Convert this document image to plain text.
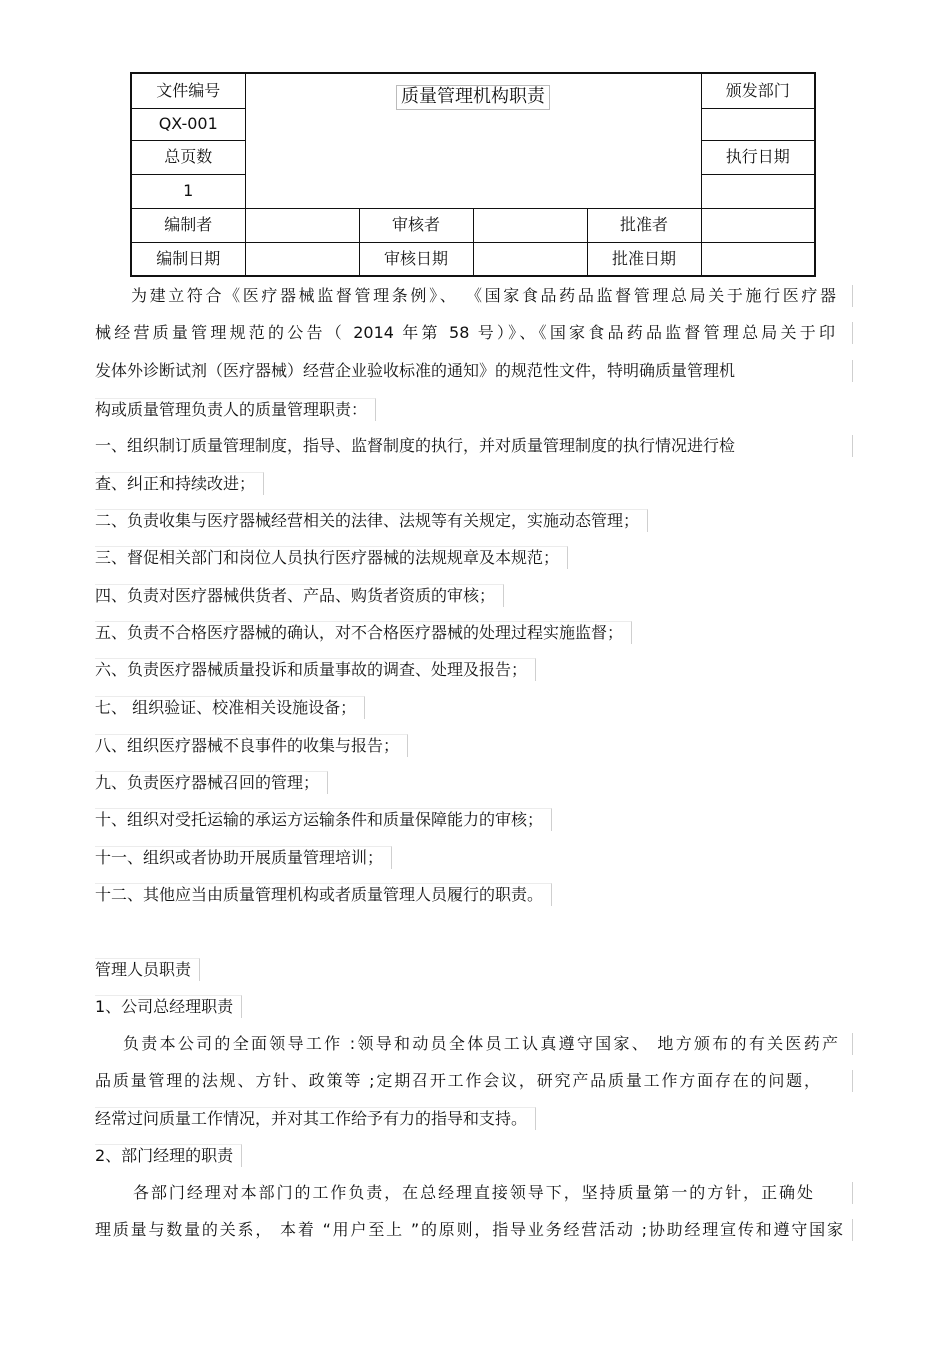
文件编号	质量管理机构职责				颁发部门
QX-001					
总页数					执行日期
1					
编制者		审核者		批准者	
编制日期		审核日期		批准日期	
为建立符合《医疗器械监督管理条例》、 《国家食品药品监督管理总局关于施行医疗器
械经营质量管理规范的公告（ 2014 年第 58 号）》、《国家食品药品监督管理总局关于印
发体外诊断试剂（医疗器械）经营企业验收标准的通知》的规范性文件，特明确质量管理机
构或质量管理负责人的质量管理职责：
一、组织制订质量管理制度，指导、监督制度的执行，并对质量管理制度的执行情况进行检
查、纠正和持续改进；
二、负责收集与医疗器械经营相关的法律、法规等有关规定，实施动态管理；
三、督促相关部门和岗位人员执行医疗器械的法规规章及本规范；
四、负责对医疗器械供货者、产品、购货者资质的审核；
五、负责不合格医疗器械的确认，对不合格医疗器械的处理过程实施监督；
六、负责医疗器械质量投诉和质量事故的调查、处理及报告；
七、 组织验证、校准相关设施设备；
八、组织医疗器械不良事件的收集与报告；
九、负责医疗器械召回的管理；
十、组织对受托运输的承运方运输条件和质量保障能力的审核；
十一、组织或者协助开展质量管理培训；
十二、其他应当由质量管理机构或者质量管理人员履行的职责。
管理人员职责
1、公司总经理职责
负责本公司的全面领导工作 :领导和动员全体员工认真遵守国家、 地方颁布的有关医药产
品质量管理的法规、方针、政策等 ;定期召开工作会议，研究产品质量工作方面存在的问题，
经常过问质量工作情况，并对其工作给予有力的指导和支持。
2、部门经理的职责
各部门经理对本部门的工作负责，在总经理直接领导下，坚持质量第一的方针，正确处
理质量与数量的关系， 本着 “用户至上 ”的原则，指导业务经营活动 ;协助经理宣传和遵守国家
